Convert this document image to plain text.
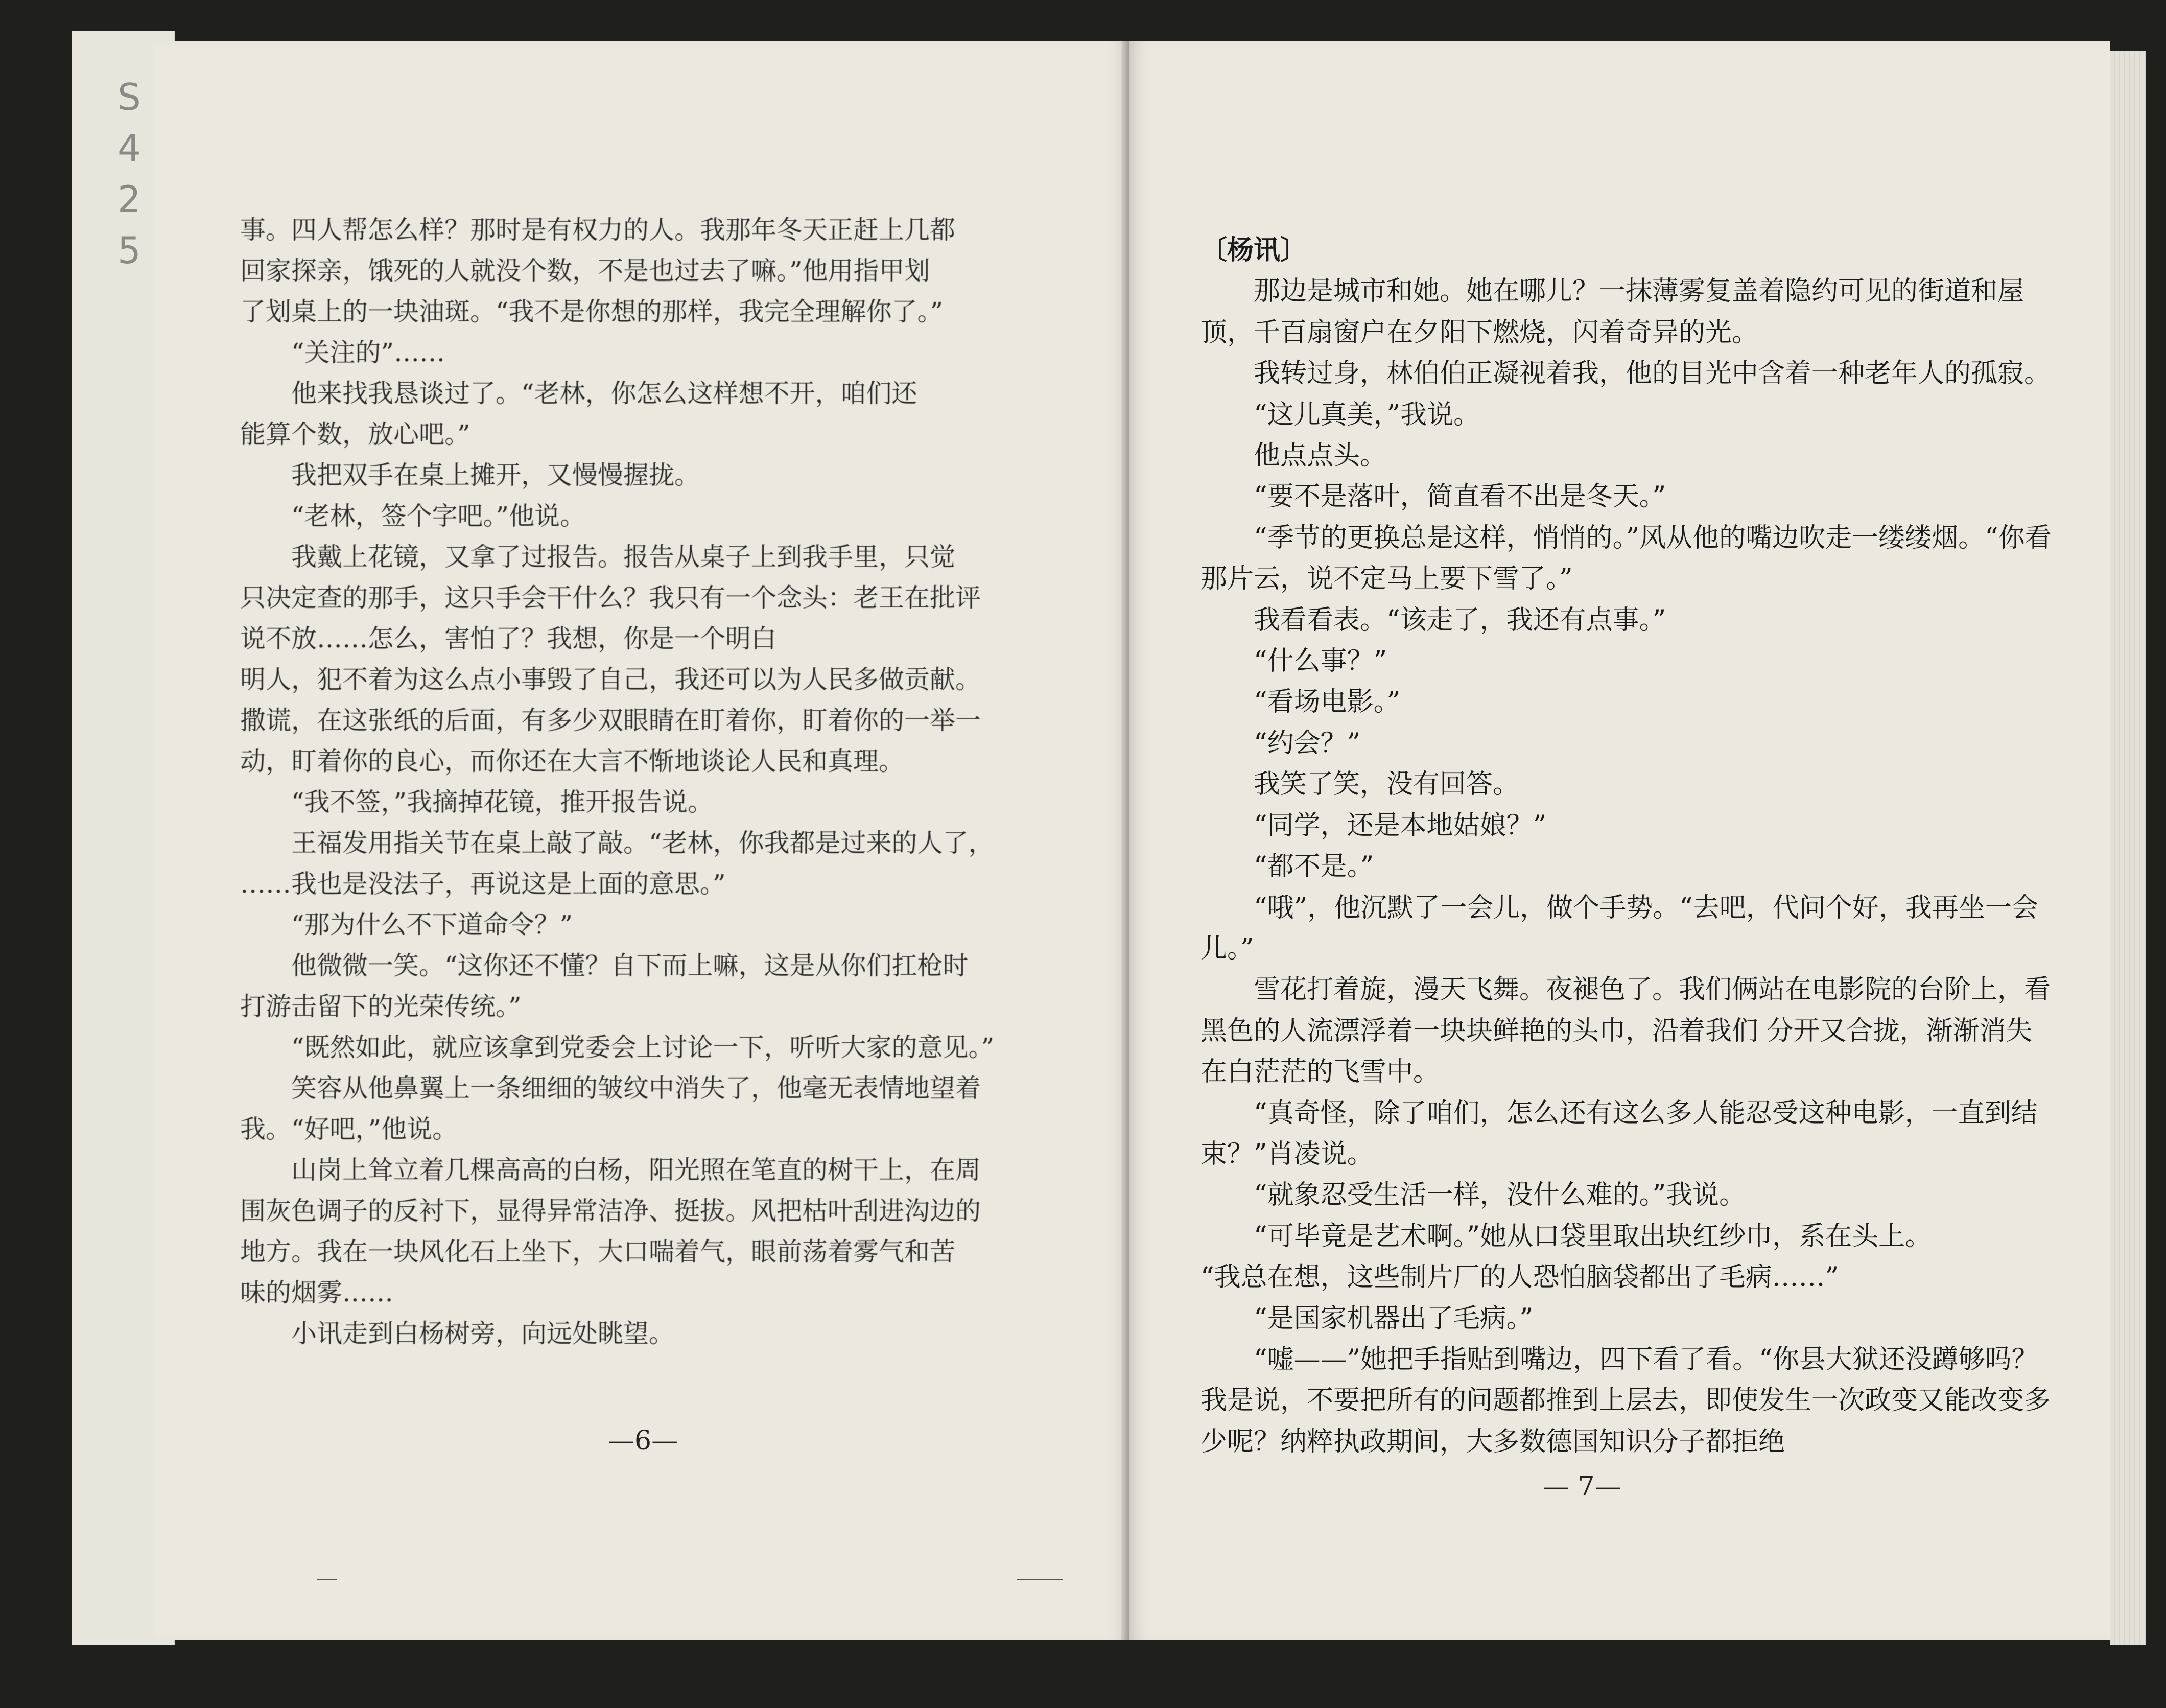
S
4
2
5
　　　　　　　　　　　　	事。四人帮怎么样？那时是有权力的人。我那年冬天正赶上几都

回家探亲，饿死的人就没个数，不是也过去了嘛。”他用指甲划

了划桌上的一块油斑。“我不是你想的那样，我完全理解你了。”

“关注的”……

他来找我恳谈过了。“老林，你怎么这样想不开，咱们还

能算个数，放心吧。”

我把双手在桌上摊开，又慢慢握拢。

“老林，签个字吧。”他说。

我戴上花镜，又拿了过报告。报告从桌子上到我手里，只觉

只决定查的那手，这只手会干什么？我只有一个念头：老王在批评

说不放……怎么，害怕了？我想，你是一个明白

明人，犯不着为这么点小事毁了自己，我还可以为人民多做贡献。

撒谎，在这张纸的后面，有多少双眼睛在盯着你，盯着你的一举一

动，盯着你的良心，而你还在大言不惭地谈论人民和真理。

“我不签，”我摘掉花镜，推开报告说。

王福发用指关节在桌上敲了敲。“老林，你我都是过来的人了，

……我也是没法子，再说这是上面的意思。”

“那为什么不下道命令？”

他微微一笑。“这你还不懂？自下而上嘛，这是从你们扛枪时

打游击留下的光荣传统。”

“既然如此，就应该拿到党委会上讨论一下，听听大家的意见。”

笑容从他鼻翼上一条细细的皱纹中消失了，他毫无表情地望着

我。“好吧，”他说。

山岗上耸立着几棵高高的白杨，阳光照在笔直的树干上，在周

围灰色调子的反衬下，显得异常洁净、挺拔。风把枯叶刮进沟边的

地方。我在一块风化石上坐下，大口喘着气，眼前荡着雾气和苦

味的烟雾……

小讯走到白杨树旁，向远处眺望。

—6—

〔杨讯〕

那边是城市和她。她在哪儿？一抹薄雾复盖着隐约可见的街道和屋顶，千百扇窗户在夕阳下燃烧，闪着奇异的光。

我转过身，林伯伯正凝视着我，他的目光中含着一种老年人的孤寂。

“这儿真美，”我说。

他点点头。

“要不是落叶，简直看不出是冬天。”

“季节的更换总是这样，悄悄的。”风从他的嘴边吹走一缕缕烟。“你看那片云，说不定马上要下雪了。”

我看看表。“该走了，我还有点事。”

“什么事？”

“看场电影。”

“约会？”

我笑了笑，没有回答。

“同学，还是本地姑娘？”

“都不是。”

“哦”，他沉默了一会儿，做个手势。“去吧，代问个好，我再坐一会儿。”

雪花打着旋，漫天飞舞。夜褪色了。我们俩站在电影院的台阶上，看黑色的人流漂浮着一块块鲜艳的头巾，沿着我们 分开又合拢，渐渐消失在白茫茫的飞雪中。

“真奇怪，除了咱们，怎么还有这么多人能忍受这种电影，一直到结束？”肖凌说。

“就象忍受生活一样，没什么难的。”我说。

“可毕竟是艺术啊。”她从口袋里取出块红纱巾，系在头上。

“我总在想，这些制片厂的人恐怕脑袋都出了毛病……”

“是国家机器出了毛病。”

“嘘——”她把手指贴到嘴边，四下看了看。“你县大狱还没蹲够吗？我是说，不要把所有的问题都推到上层去，即使发生一次政变又能改变多少呢？纳粹执政期间，大多数德国知识分子都拒绝

— 7—
